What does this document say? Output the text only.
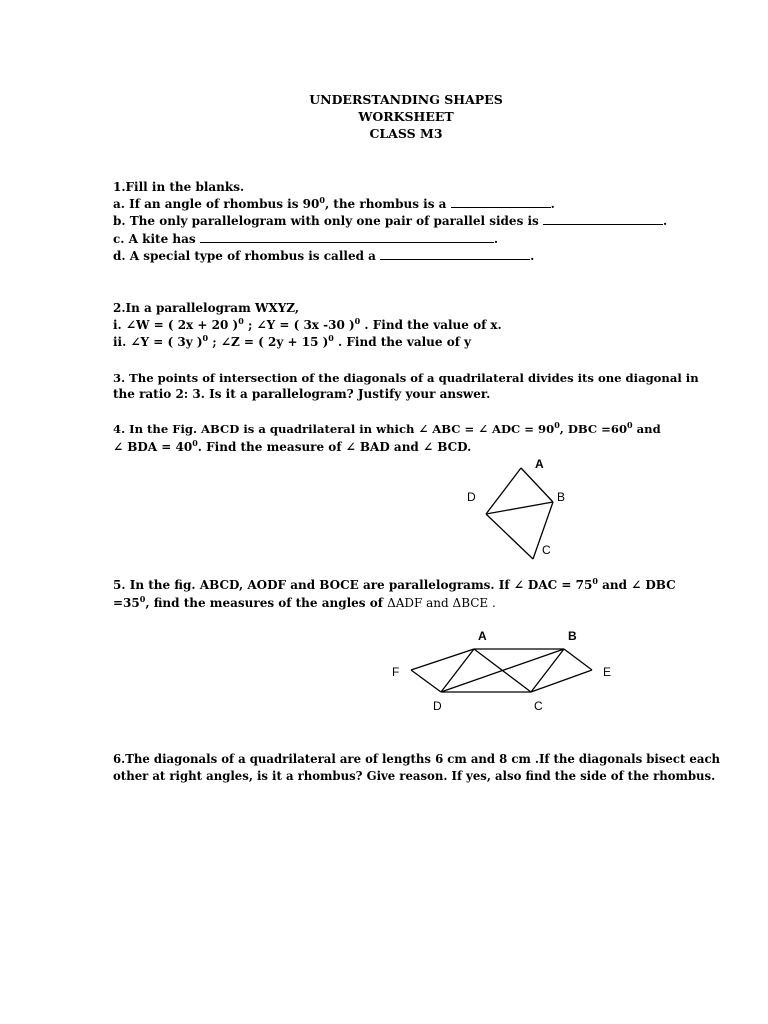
UNDERSTANDING SHAPES
WORKSHEET
CLASS M3
1.Fill in the blanks.
a. If an angle of rhombus is $90^0$, the rhombus is a	.
b. The only parallelogram with only one pair of parallel sides is	.
c. A kite has	.
d. A special type of rhombus is called a	.
2.In a parallelogram WXYZ,
i. ∠W = ( 2x + 20 )$^0$ ; ∠Y = ( 3x -30 )$^0$ . Find the value of x.
ii. ∠Y = ( 3y )$^0$ ; ∠Z = ( 2y + 15 )$^0$ . Find the value of y
3. The points of intersection of the diagonals of a quadrilateral divides its one diagonal in
the ratio 2: 3. Is it a parallelogram? Justify your answer.
4. In the Fig. ABCD is a quadrilateral in which ∠ ABC = ∠ ADC = $90^0$, DBC $=60^0$ and
∠ BDA = $40^0$. Find the measure of ∠ BAD and ∠ BCD.
A
D	B
C
A	B
F	E
D	C
5. In the fig. ABCD, AODF and BOCE are parallelograms. If ∠ DAC = $75^0$ and ∠ DBC
$=35^0$, find the measures of the angles of ΔADF and ΔBCE .
6.The diagonals of a quadrilateral are of lengths 6 cm and 8 cm .If the diagonals bisect each
other at right angles, is it a rhombus? Give reason. If yes, also find the side of the rhombus.
